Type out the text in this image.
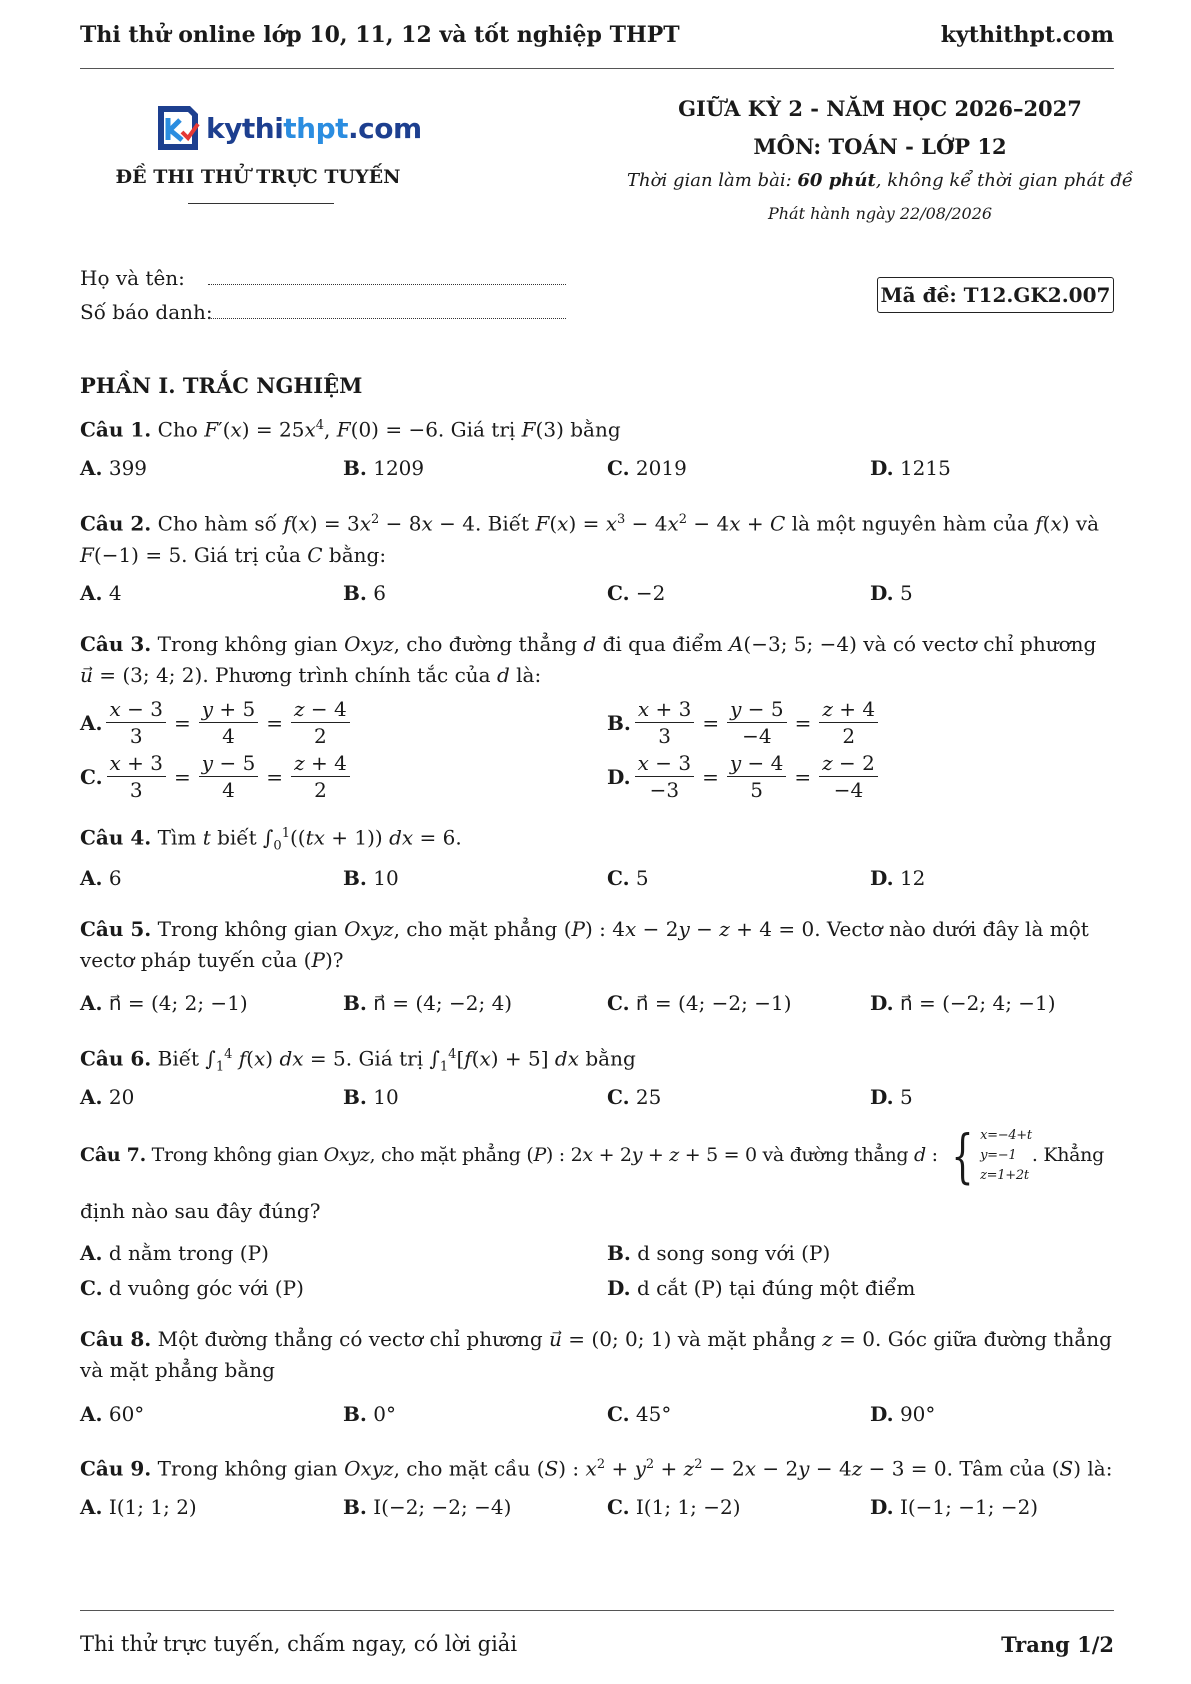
Thi thử online lớp 10, 11, 12 và tốt nghiệp THPT	kythithpt.com
kythithpt.com
ĐỀ THI THỬ TRỰC TUYẾN
GIỮA KỲ 2 - NĂM HỌC 2026–2027
MÔN: TOÁN - LỚP 12
Thời gian làm bài: 60 phút, không kể thời gian phát đề
Phát hành ngày 22/08/2026
Họ và tên:
Số báo danh:
Mã đề: T12.GK2.007
PHẦN I. TRẮC NGHIỆM
Câu 1. Cho $F'(x) = 25x^4$, F(0) = −6. Giá trị F(3) bằng
A. 399	B. 1209	C. 2019	D. 1215
Câu 2. Cho hàm số $f(x) = 3x^2 - 8x - 4$. Biết $F(x) = x^3 - 4x^2 - 4x + C$ là một nguyên hàm của f(x) và F(−1) = 5. Giá trị của C bằng:
A. 4	B. 6	C. −2	D. 5
Câu 3. Trong không gian Oxyz, cho đường thẳng d đi qua điểm A(−3; 5; −4) và có vectơ chỉ phương u⃗ = (3; 4; 2). Phương trình chính tắc của d là:
A. $\frac{x - 3}{3} = \frac{y + 5}{4} = \frac{z - 4}{2}$	B. $\frac{x + 3}{3} = \frac{y - 5}{-4} = \frac{z + 4}{2}$
C. $\frac{x + 3}{3} = \frac{y - 5}{4} = \frac{z + 4}{2}$	D. $\frac{x - 3}{-3} = \frac{y - 4}{5} = \frac{z - 2}{-4}$
Câu 4. Tìm t biết $\int_0^1((tx + 1))$ dx = 6.
A. 6	B. 10	C. 5	D. 12
Câu 5. Trong không gian Oxyz, cho mặt phẳng (P) : 4x − 2y − z + 4 = 0. Vectơ nào dưới đây là một vectơ pháp tuyến của (P)?
A. n⃗ = (4; 2; −1)	B. n⃗ = (4; −2; 4)	C. n⃗ = (4; −2; −1)	D. n⃗ = (−2; 4; −1)
Câu 6. Biết $\int_1^4$ f(x) dx = 5. Giá trị $\int_1^4[f(x) + 5]$ dx bằng
A. 20	B. 10	C. 25	D. 5
Câu 7. Trong không gian Oxyz, cho mặt phẳng (P) : 2x + 2y + z + 5 = 0 và đường thẳng d : { x=−4+t
y=−1
z=1+2t
. Khẳng
định nào sau đây đúng?
A. d nằm trong (P)	B. d song song với (P)
C. d vuông góc với (P)	D. d cắt (P) tại đúng một điểm
Câu 8. Một đường thẳng có vectơ chỉ phương u⃗ = (0; 0; 1) và mặt phẳng z = 0. Góc giữa đường thẳng và mặt phẳng bằng
A. 60°	B. 0°	C. 45°	D. 90°
Câu 9. Trong không gian Oxyz, cho mặt cầu (S) : $x^2 + y^2 + z^2 - 2x - 2y - 4z - 3 = 0$. Tâm của (S) là:
A. I(1; 1; 2)	B. I(−2; −2; −4)	C. I(1; 1; −2)	D. I(−1; −1; −2)
Thi thử trực tuyến, chấm ngay, có lời giải	Trang 1/2
